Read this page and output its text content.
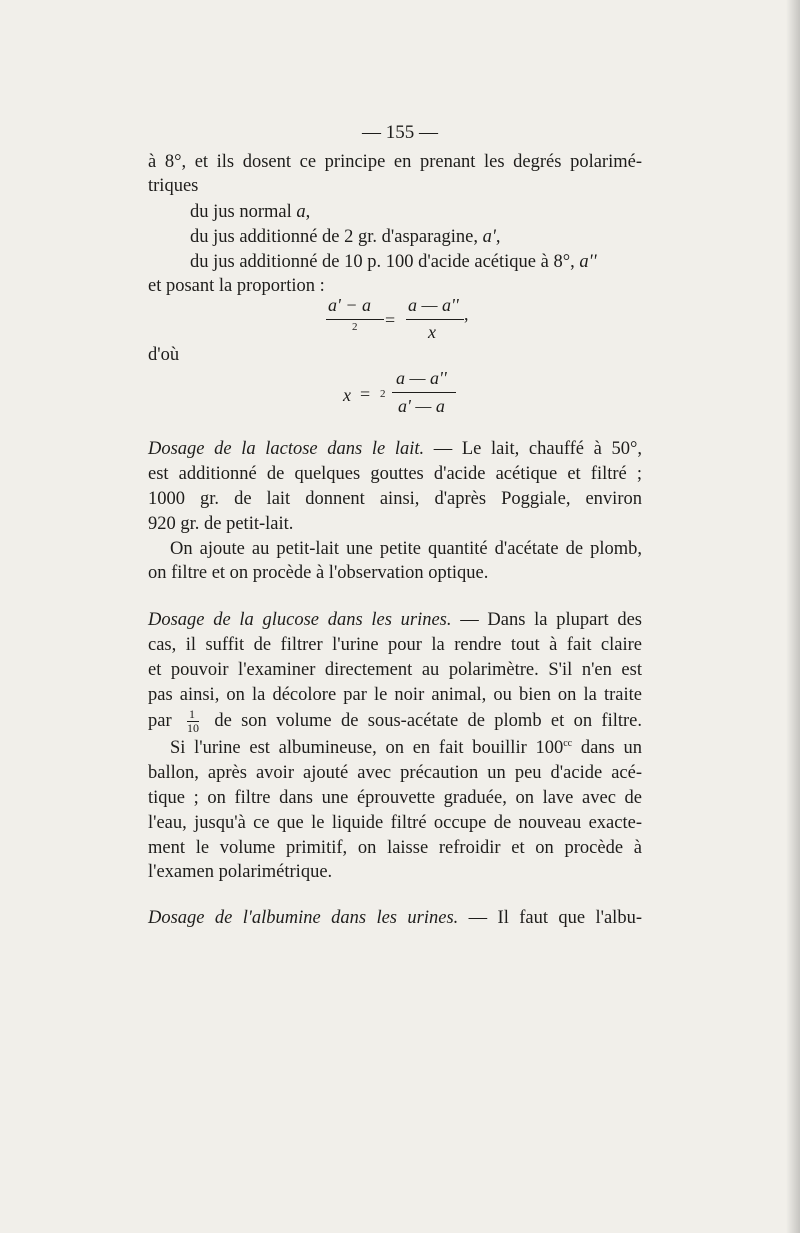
— 155 —
à 8°, et ils dosent ce principe en prenant les degrés polarimé-
triques
du jus normal a,
du jus additionné de 2 gr. d'asparagine, a',
du jus additionné de 10 p. 100 d'acide acétique à 8°, a''
et posant la proportion :
a' − a
2 =
a — a'' ,
x
d'où
x = 2
a — a''
a' — a
Dosage de la lactose dans le lait. — Le lait, chauffé à 50°,
est additionné de quelques gouttes d'acide acétique et filtré ;
1000 gr. de lait donnent ainsi, d'après Poggiale, environ
920 gr. de petit-lait.
On ajoute au petit-lait une petite quantité d'acétate de plomb,
on filtre et on procède à l'observation optique.
Dosage de la glucose dans les urines. — Dans la plupart des
cas, il suffit de filtrer l'urine pour la rendre tout à fait claire
et pouvoir l'examiner directement au polarimètre. S'il n'en est
pas ainsi, on la décolore par le noir animal, ou bien on la traite
par $\frac{1}{10}$ de son volume de sous-acétate de plomb et on filtre.
Si l'urine est albumineuse, on en fait bouillir $100^{cc}$ dans un
ballon, après avoir ajouté avec précaution un peu d'acide acé-
tique ; on filtre dans une éprouvette graduée, on lave avec de
l'eau, jusqu'à ce que le liquide filtré occupe de nouveau exacte-
ment le volume primitif, on laisse refroidir et on procède à
l'examen polarimétrique.
Dosage de l'albumine dans les urines. — Il faut que l'albu-
